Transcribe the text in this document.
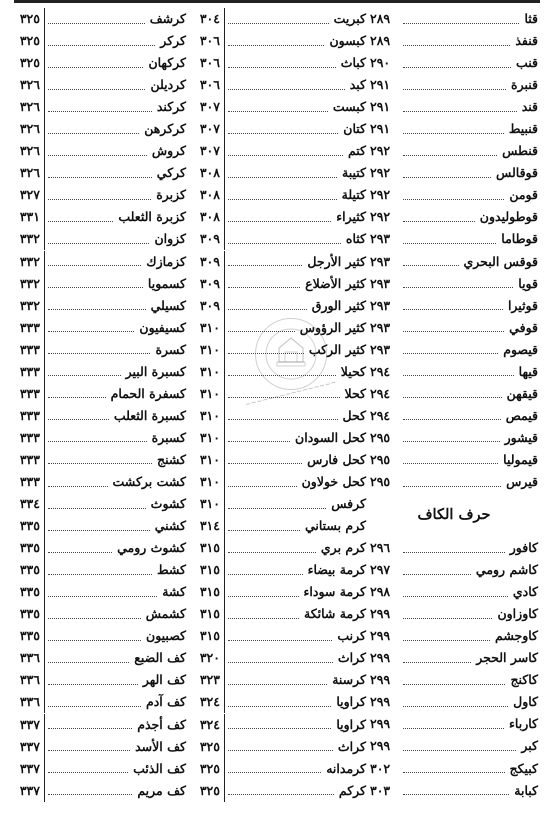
قثا
٢٨٩
قنفذ
٢٨٩
قنب
٢٩٠
قنبرة
٢٩١
قند
٢٩١
قنبيط
٢٩١
قنطس
٢٩٢
قوقالس
٢٩٢
قومن
٢٩٢
قوطوليدون
٢٩٢
قوطاما
٢٩٣
قوقس البحري
٢٩٣
قويا
٢٩٣
قوثيرا
٢٩٣
قوفي
٢٩٣
قيصوم
٢٩٣
قيها
٢٩٤
قيقهن
٢٩٤
قيمص
٢٩٤
قيشور
٢٩٥
قيموليا
٢٩٥
قيرس
٢٩٥
حرف الكاف
كافور
٢٩٦
كاشم رومي
٢٩٧
كادي
٢٩٨
كاوزاون
٢٩٩
كاوجشم
٢٩٩
كاسر الحجر
٢٩٩
كاكنج
٢٩٩
كاول
٢٩٩
كارباء
٢٩٩
كبر
٢٩٩
كبيكج
٣٠٢
كبابة
٣٠٣
كبريت
٣٠٤
كبسون
٣٠٦
كباث
٣٠٦
كبد
٣٠٦
كبست
٣٠٧
كتان
٣٠٧
كتم
٣٠٧
كتيبة
٣٠٨
كتيلة
٣٠٨
كثيراء
٣٠٨
كثاه
٣٠٩
كثير الأرجل
٣٠٩
كثير الأضلاع
٣٠٩
كثير الورق
٣٠٩
كثير الرؤوس
٣١٠
كثير الركب
٣١٠
كحيلا
٣١٠
كحلا
٣١٠
كحل
٣١٠
كحل السودان
٣١٠
كحل فارس
٣١٠
كحل خولاون
٣١٠
كرفس
٣١٠
كرم بستاني
٣١٤
كرم بري
٣١٥
كرمة بيضاء
٣١٥
كرمة سوداء
٣١٥
كرمة شائكة
٣١٥
كرنب
٣١٥
كراث
٣٢٠
كرسنة
٣٢٣
كراويا
٣٢٤
كراويا
٣٢٤
كراث
٣٢٥
كرمدانه
٣٢٥
كركم
٣٢٥
كرشف
٣٢٥
كركر
٣٢٥
كركهان
٣٢٥
كرديلن
٣٢٦
كركند
٣٢٦
كركرهن
٣٢٦
كروش
٣٢٦
كركي
٣٢٦
كزبرة
٣٢٧
كزبرة الثعلب
٣٣١
كزوان
٣٣٢
كزمازك
٣٣٢
كسمويا
٣٣٢
كسيلي
٣٣٢
كسيفيون
٣٣٣
كسرة
٣٣٣
كسبرة البير
٣٣٣
كسفرة الحمام
٣٣٣
كسبرة الثعلب
٣٣٣
كسبرة
٣٣٣
كشنج
٣٣٣
كشت بركشت
٣٣٣
كشوث
٣٣٤
كشني
٣٣٥
كشوث رومي
٣٣٥
كشط
٣٣٥
كشة
٣٣٥
كشمش
٣٣٥
كصبيون
٣٣٥
كف الضبع
٣٣٦
كف الهر
٣٣٦
كف آدم
٣٣٦
كف أجذم
٣٣٧
كف الأسد
٣٣٧
كف الذئب
٣٣٧
كف مريم
٣٣٧
~~~~~~~~~~~~~~~~
